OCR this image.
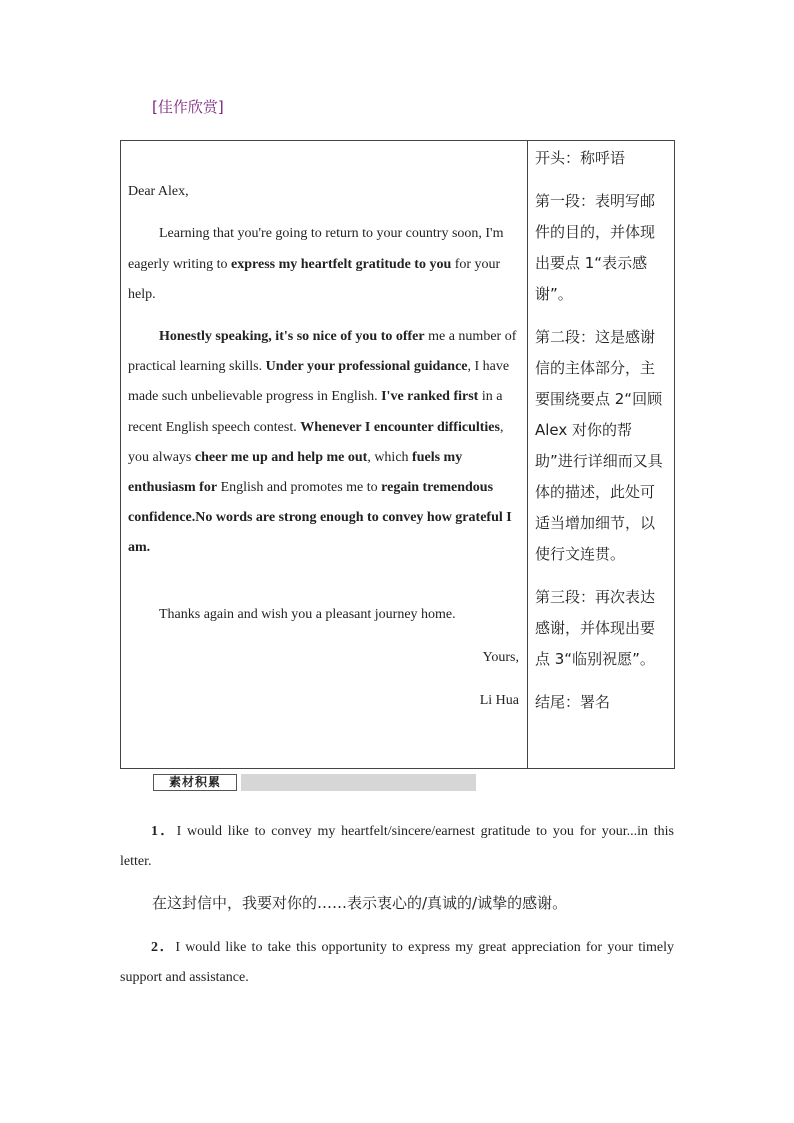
[佳作欣赏]

Dear Alex,

Learning that you're going to return to your country soon, I'm eagerly writing to express my heartfelt gratitude to you for your help.

Honestly speaking, it's so nice of you to offer me a number of practical learning skills. Under your professional guidance, I have made such unbelievable progress in English. I've ranked first in a recent English speech contest. Whenever I encounter difficulties, you always cheer me up and help me out, which fuels my enthusiasm for English and promotes me to regain tremendous confidence.No words are strong enough to convey how grateful I am.

Thanks again and wish you a pleasant journey home.

Yours,

Li Hua

开头：称呼语
第一段：表明写邮件的目的，并体现出要点 1“表示感谢”。
第二段：这是感谢信的主体部分，主要围绕要点 2“回顾 Alex 对你的帮助”进行详细而又具体的描述，此处可适当增加细节，以使行文连贯。
第三段：再次表达感谢，并体现出要点 3“临别祝愿”。
结尾：署名
素材积累
1．I would like to convey my heartfelt/sincere/earnest gratitude to you for your...in this letter.
在这封信中，我要对你的……表示衷心的/真诚的/诚挚的感谢。
2．I would like to take this opportunity to express my great appreciation for your timely support and assistance.
